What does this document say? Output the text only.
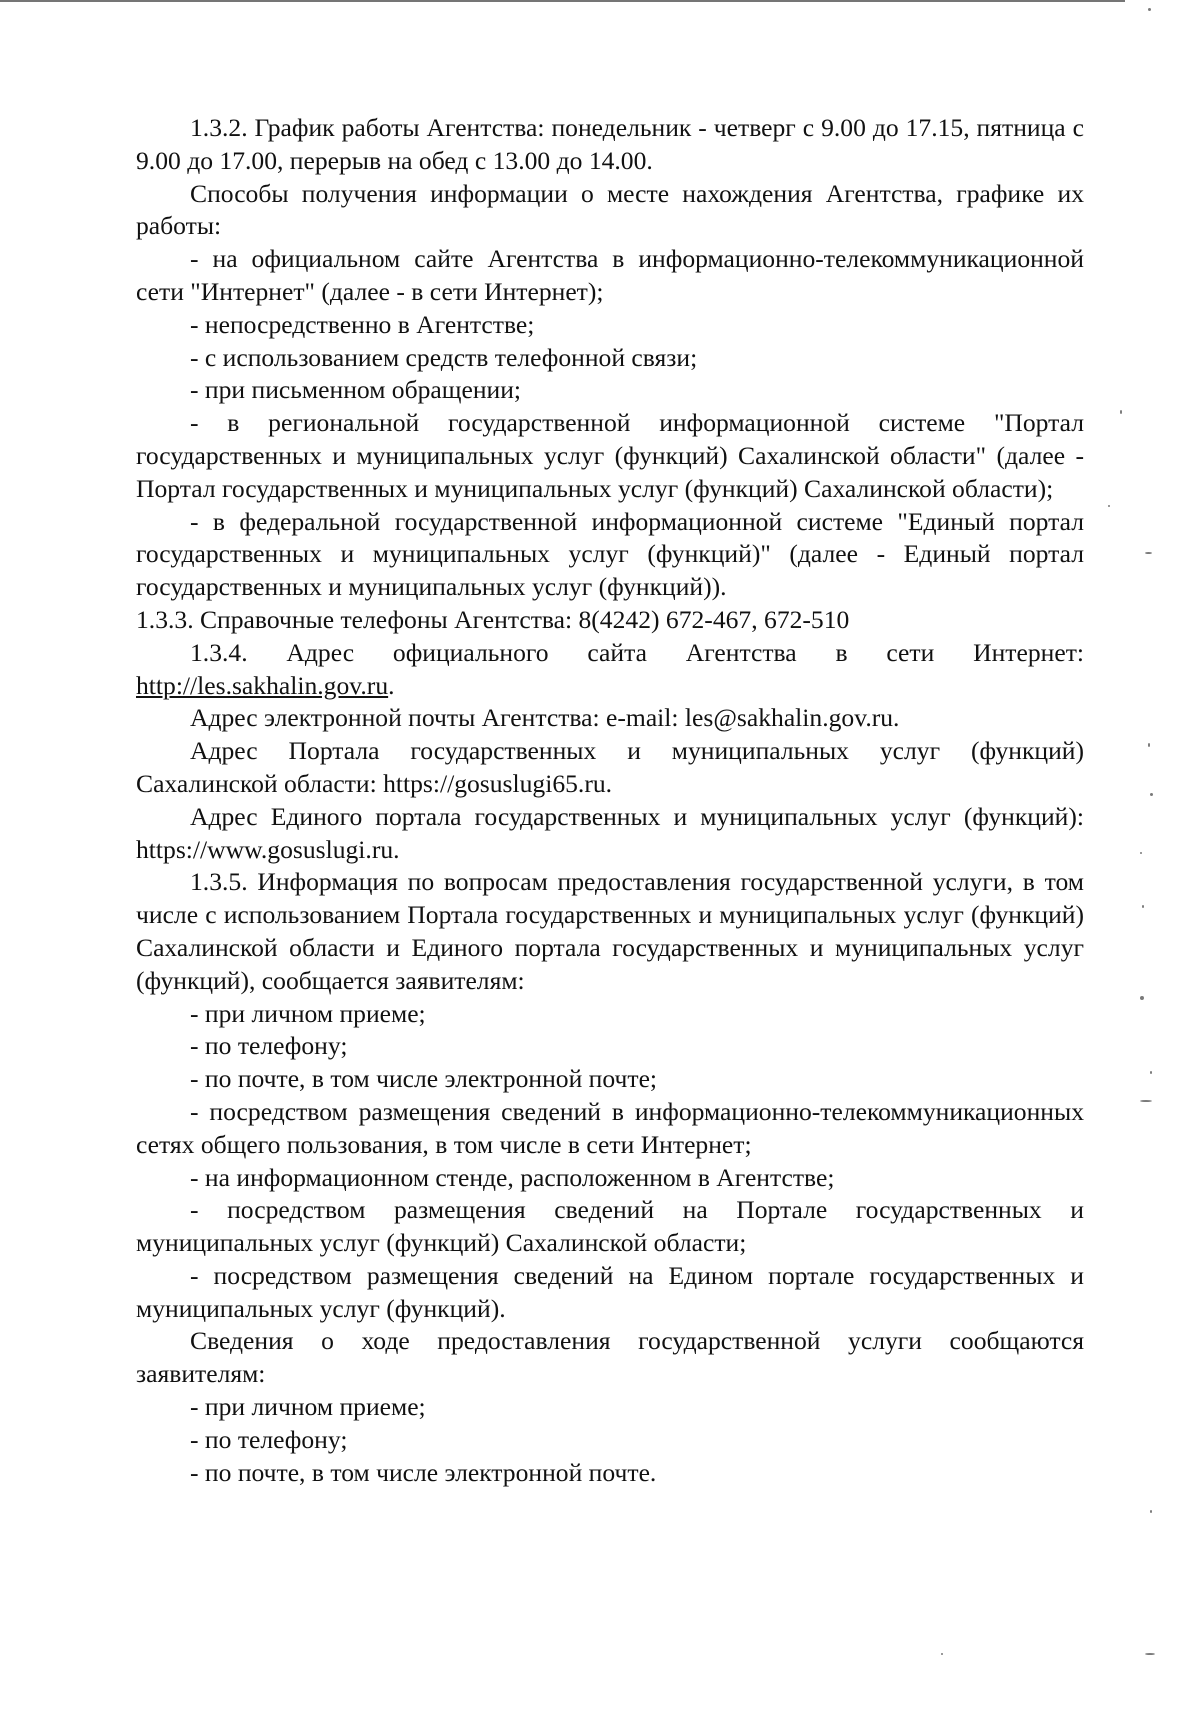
1.3.2. График работы Агентства: понедельник - четверг с 9.00 до 17.15, пятница с 9.00 до 17.00, перерыв на обед с 13.00 до 14.00.

Способы получения информации о месте нахождения Агентства, графике их работы:

- на официальном сайте Агентства в информационно-телекоммуникационной сети "Интернет" (далее - в сети Интернет);

- непосредственно в Агентстве;

- с использованием средств телефонной связи;

- при письменном обращении;

- в региональной государственной информационной системе "Портал государственных и муниципальных услуг (функций) Сахалинской области" (далее - Портал государственных и муниципальных услуг (функций) Сахалинской области);

- в федеральной государственной информационной системе "Единый портал государственных и муниципальных услуг (функций)" (далее - Единый портал государственных и муниципальных услуг (функций)).

1.3.3. Справочные телефоны Агентства: 8(4242) 672-467, 672-510

1.3.4. Адрес официального сайта Агентства в сети Интернет: http://les.sakhalin.gov.ru.

Адрес электронной почты Агентства: e-mail: les@sakhalin.gov.ru.

Адрес Портала государственных и муниципальных услуг (функций) Сахалинской области: https://gosuslugi65.ru.

Адрес Единого портала государственных и муниципальных услуг (функций): https://www.gosuslugi.ru.

1.3.5. Информация по вопросам предоставления государственной услуги, в том числе с использованием Портала государственных и муниципальных услуг (функций) Сахалинской области и Единого портала государственных и муниципальных услуг (функций), сообщается заявителям:

- при личном приеме;

- по телефону;

- по почте, в том числе электронной почте;

- посредством размещения сведений в информационно-телекоммуникационных сетях общего пользования, в том числе в сети Интернет;

- на информационном стенде, расположенном в Агентстве;

- посредством размещения сведений на Портале государственных и муниципальных услуг (функций) Сахалинской области;

- посредством размещения сведений на Едином портале государственных и муниципальных услуг (функций).

Сведения о ходе предоставления государственной услуги сообщаются заявителям:

- при личном приеме;

- по телефону;

- по почте, в том числе электронной почте.
